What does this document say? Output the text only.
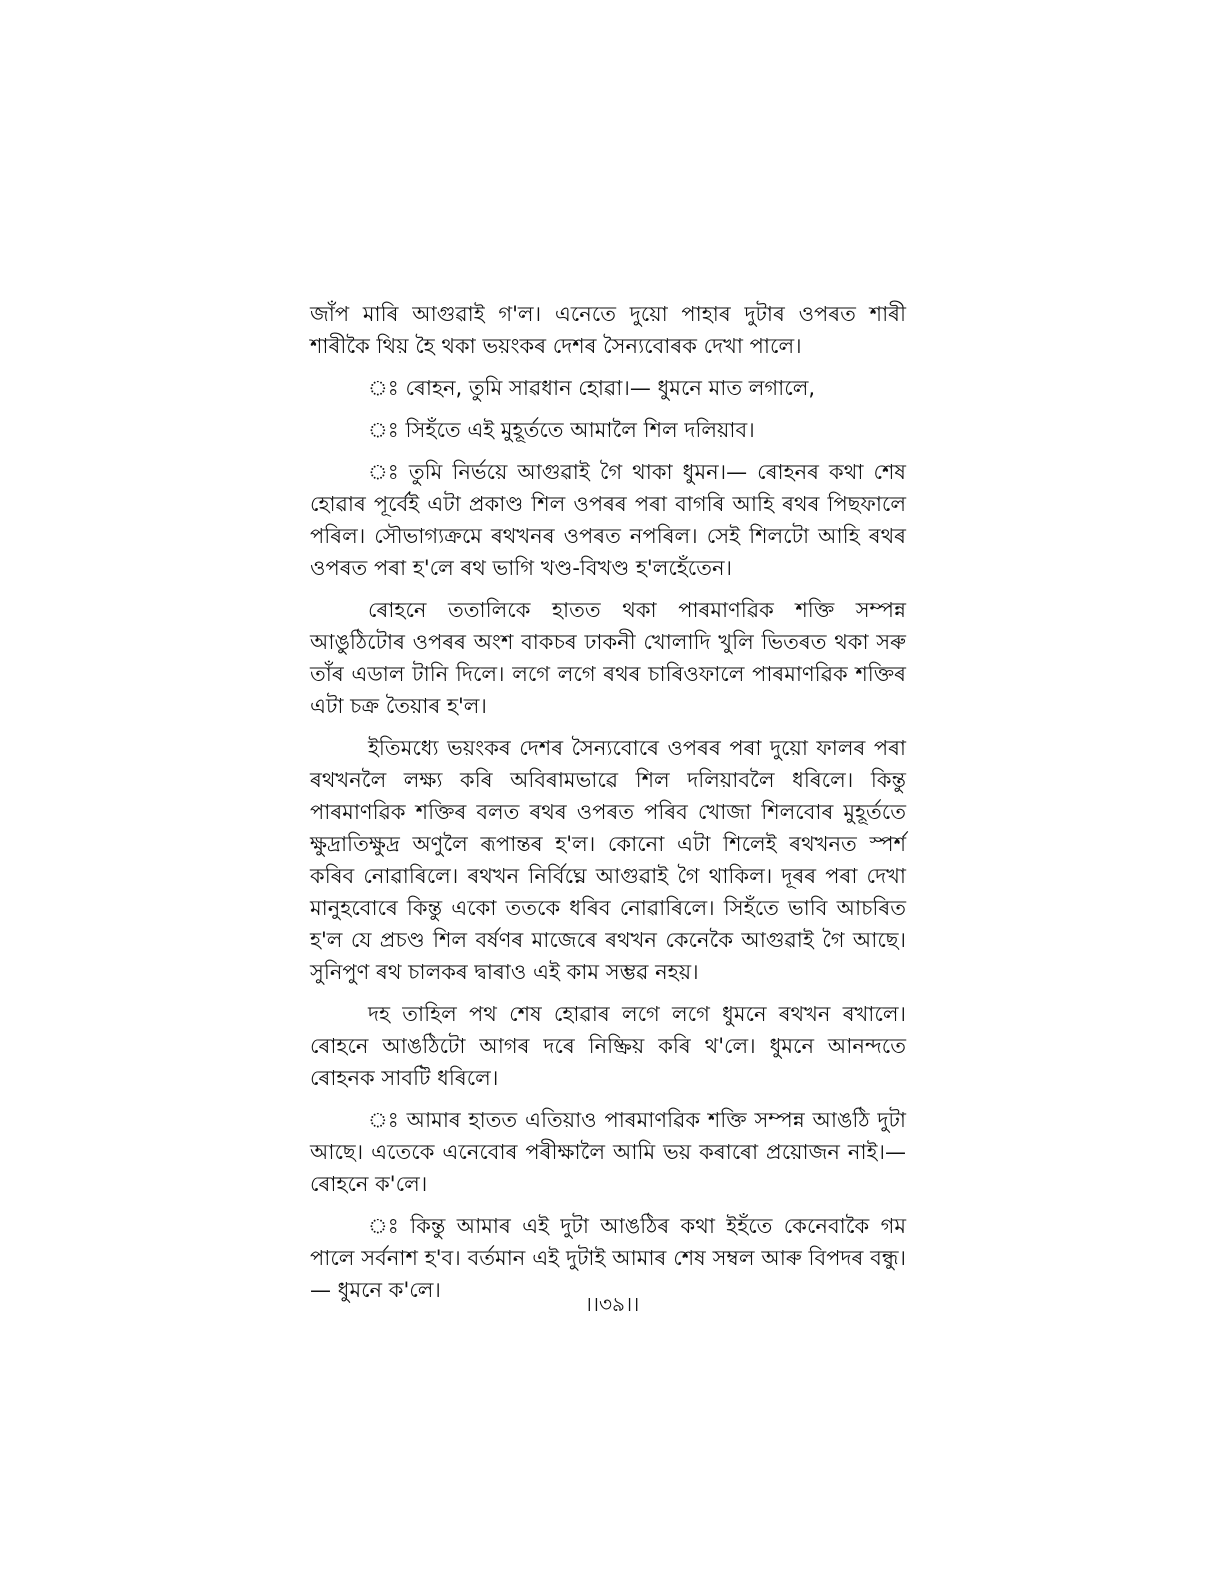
জাঁপ মাৰি আগুৱাই গ'ল। এনেতে দুয়ো পাহাৰ দুটাৰ ওপৰত শাৰী শাৰীকৈ থিয় হৈ থকা ভয়ংকৰ দেশৰ সৈন্যবোৰক দেখা পালে।

ঃ ৰোহন, তুমি সাৱধান হোৱা।— ধুমনে মাত লগালে,

ঃ সিহঁতে এই মুহূৰ্ততে আমালৈ শিল দলিয়াব।

ঃ তুমি নিৰ্ভয়ে আগুৱাই গৈ থাকা ধুমন।— ৰোহনৰ কথা শেষ হোৱাৰ পূৰ্বেই এটা প্ৰকাণ্ড শিল ওপৰৰ পৰা বাগৰি আহি ৰথৰ পিছফালে পৰিল। সৌভাগ্যক্ৰমে ৰথখনৰ ওপৰত নপৰিল। সেই শিলটো আহি ৰথৰ ওপৰত পৰা হ'লে ৰথ ভাগি খণ্ড-বিখণ্ড হ'লহেঁতেন।

ৰোহনে ততালিকে হাতত থকা পাৰমাণৱিক শক্তি সম্পন্ন আঙুঠিটোৰ ওপৰৰ অংশ বাকচৰ ঢাকনী খোলাদি খুলি ভিতৰত থকা সৰু তাঁৰ এডাল টানি দিলে। লগে লগে ৰথৰ চাৰিওফালে পাৰমাণৱিক শক্তিৰ এটা চক্ৰ তৈয়াৰ হ'ল।

ইতিমধ্যে ভয়ংকৰ দেশৰ সৈন্যবোৰে ওপৰৰ পৰা দুয়ো ফালৰ পৰা ৰথখনলৈ লক্ষ্য কৰি অবিৰামভাৱে শিল দলিয়াবলৈ ধৰিলে। কিন্তু পাৰমাণৱিক শক্তিৰ বলত ৰথৰ ওপৰত পৰিব খোজা শিলবোৰ মুহূৰ্ততে ক্ষুদ্ৰাতিক্ষুদ্ৰ অণুলৈ ৰূপান্তৰ হ'ল। কোনো এটা শিলেই ৰথখনত স্পৰ্শ কৰিব নোৱাৰিলে। ৰথখন নিৰ্বিঘ্নে আগুৱাই গৈ থাকিল। দূৰৰ পৰা দেখা মানুহবোৰে কিন্তু একো ততকে ধৰিব নোৱাৰিলে। সিহঁতে ভাবি আচৰিত হ'ল যে প্ৰচণ্ড শিল বৰ্ষণৰ মাজেৰে ৰথখন কেনেকৈ আগুৱাই গৈ আছে। সুনিপুণ ৰথ চালকৰ দ্বাৰাও এই কাম সম্ভৱ নহয়।

দহ তাহিল পথ শেষ হোৱাৰ লগে লগে ধুমনে ৰথখন ৰখালে। ৰোহনে আঙঠিটো আগৰ দৰে নিষ্ক্ৰিয় কৰি থ'লে। ধুমনে আনন্দতে ৰোহনক সাবটি ধৰিলে।

ঃ আমাৰ হাতত এতিয়াও পাৰমাণৱিক শক্তি সম্পন্ন আঙঠি দুটা আছে। এতেকে এনেবোৰ পৰীক্ষালৈ আমি ভয় কৰাৰো প্ৰয়োজন নাই।— ৰোহনে ক'লে।

ঃ কিন্তু আমাৰ এই দুটা আঙঠিৰ কথা ইহঁতে কেনেবাকৈ গম পালে সৰ্বনাশ হ'ব। বৰ্তমান এই দুটাই আমাৰ শেষ সম্বল আৰু বিপদৰ বন্ধু।— ধুমনে ক'লে।

।।৩৯।।
